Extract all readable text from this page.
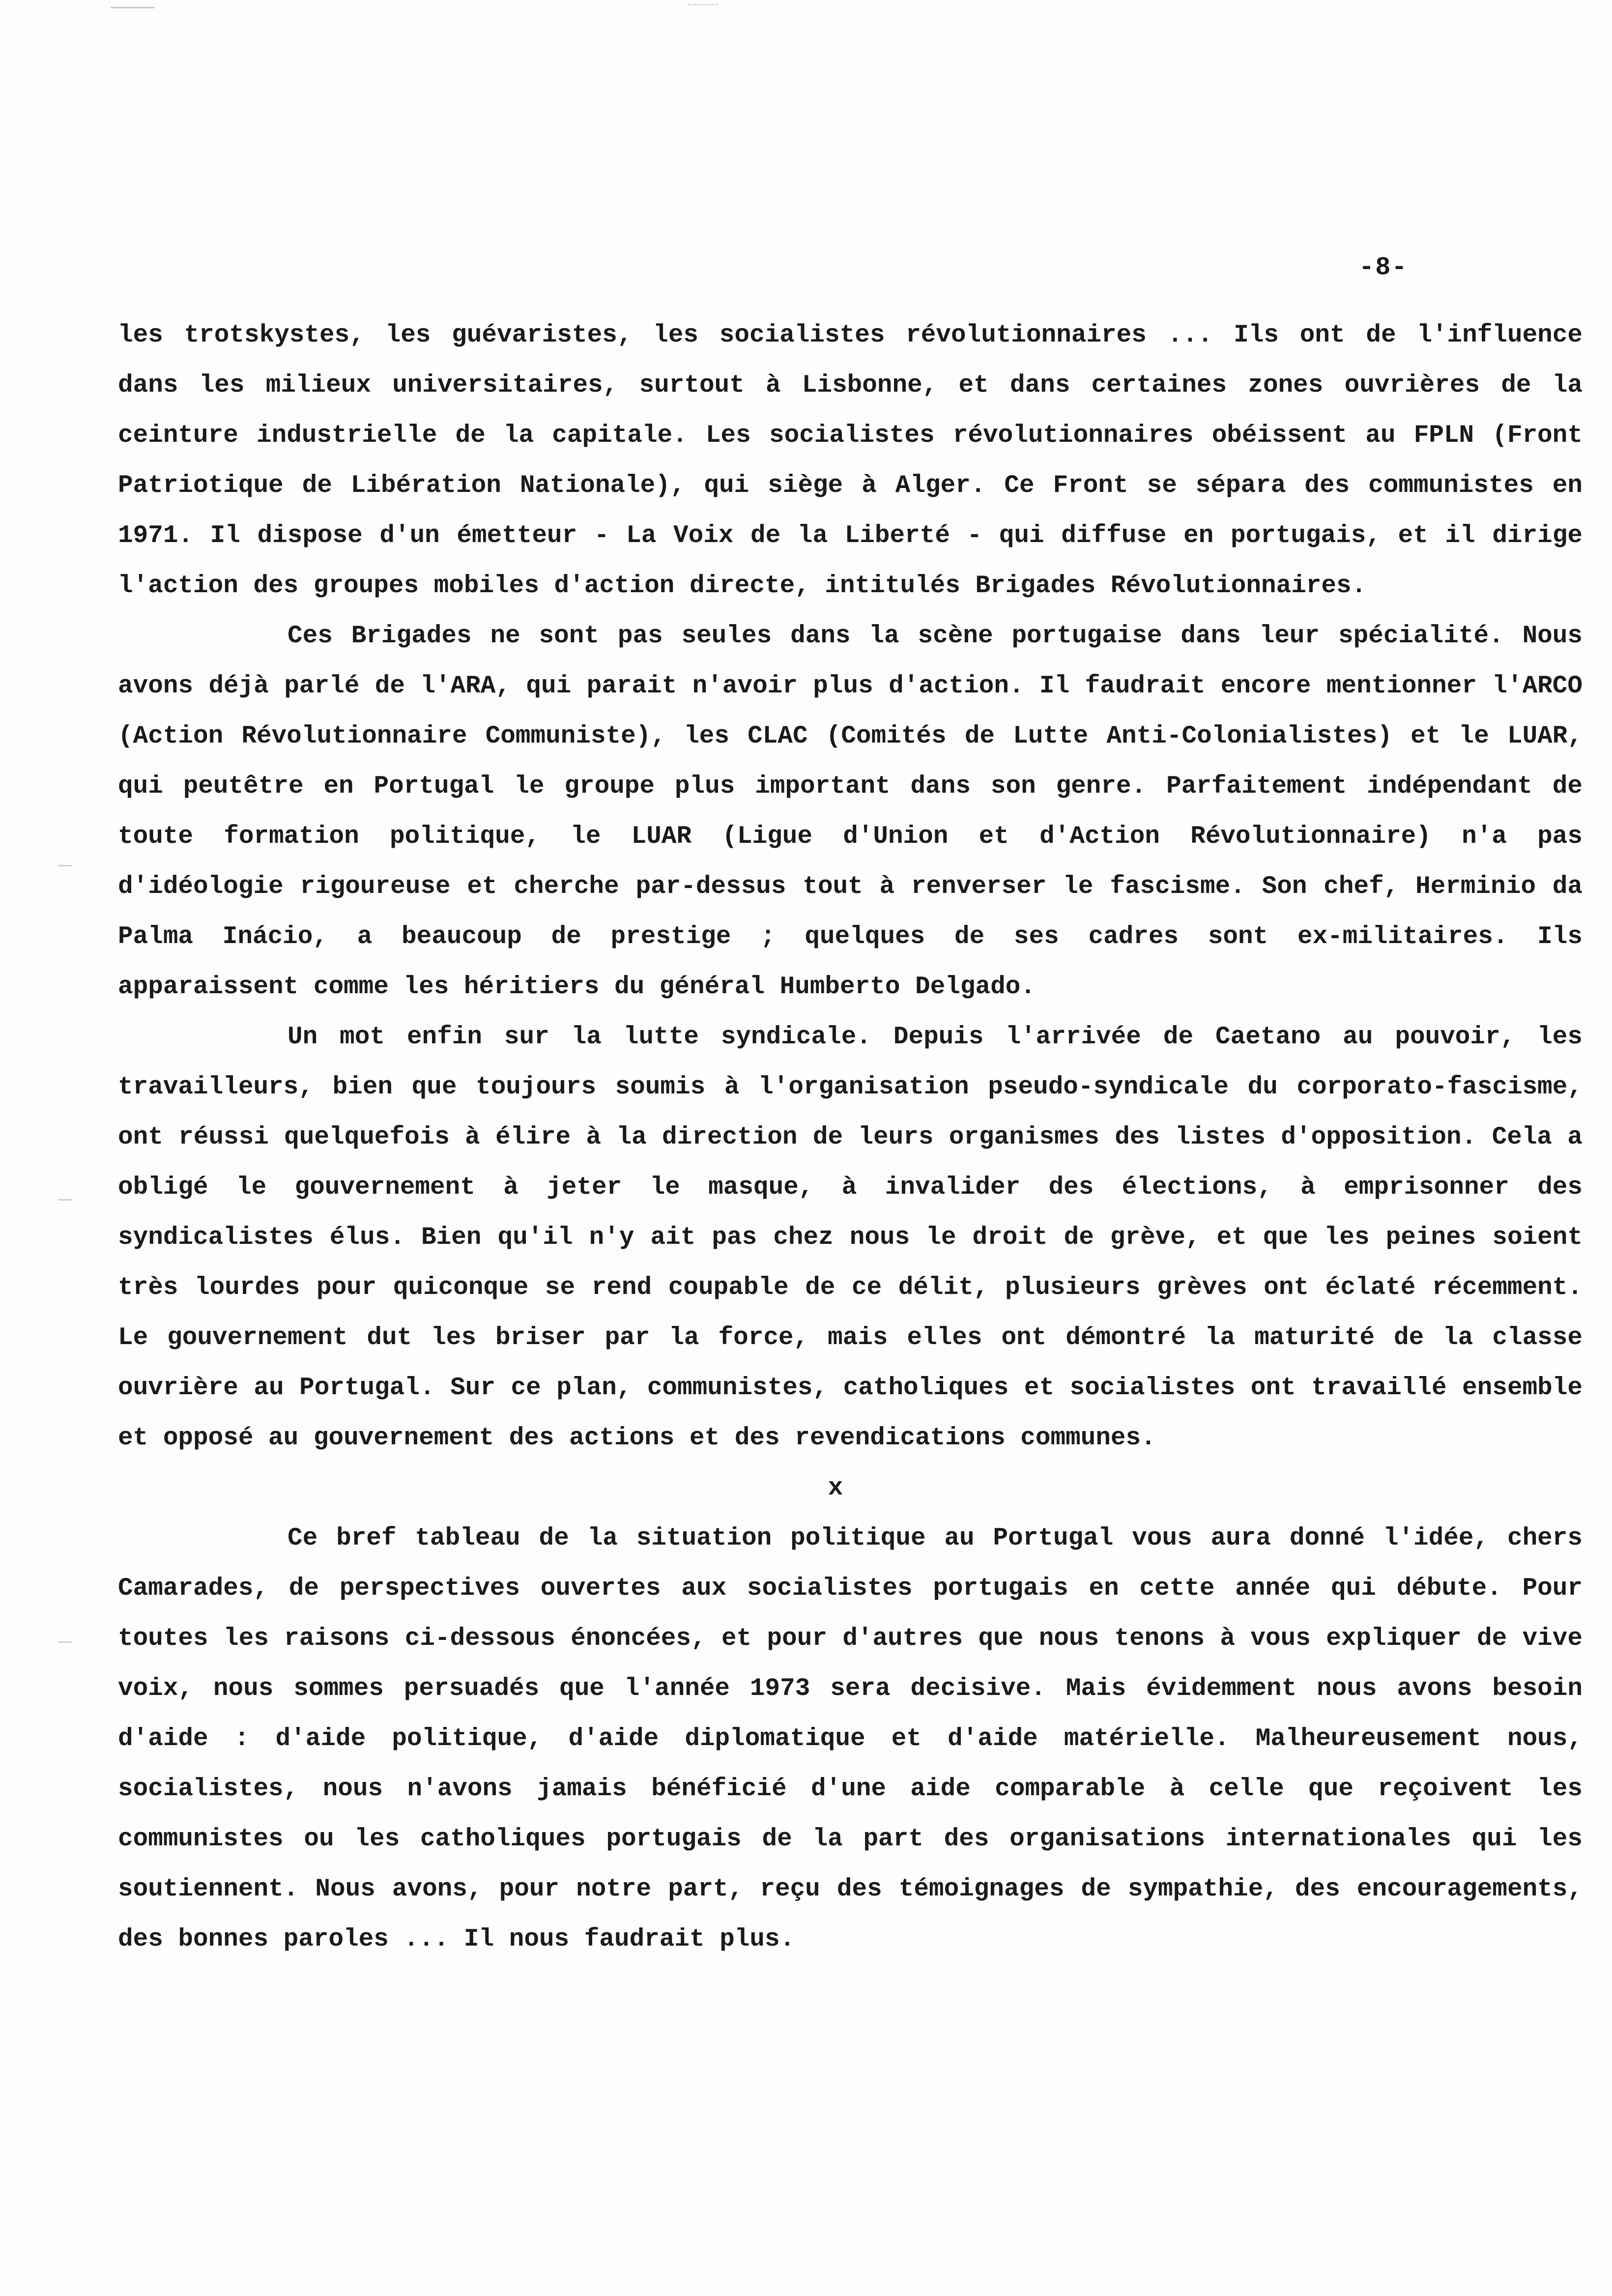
-8-

les trotskystes, les guévaristes, les socialistes révolutionnaires ... Ils ont de l'influence dans les milieux universitaires, surtout à Lisbonne, et dans certaines zones ouvrières de la ceinture industrielle de la capitale. Les socialistes révolutionnaires obéissent au FPLN (Front Patriotique de Libération Nationale), qui siège à Alger. Ce Front se sépara des communistes en 1971. Il dispose d'un émetteur - La Voix de la Liberté - qui diffuse en portugais, et il dirige l'action des groupes mobiles d'action directe, intitulés Brigades Révolutionnaires.

Ces Brigades ne sont pas seules dans la scène portugaise dans leur spécialité. Nous avons déjà parlé de l'ARA, qui parait n'avoir plus d'action. Il faudrait encore mentionner l'ARCO (Action Révolutionnaire Communiste), les CLAC (Comités de Lutte Anti-Colonialistes) et le LUAR, qui peutêtre en Portugal le groupe plus important dans son genre. Parfaitement indépendant de toute formation politique, le LUAR (Ligue d'Union et d'Action Révolutionnaire) n'a pas d'idéologie rigoureuse et cherche par-dessus tout à renverser le fascisme. Son chef, Herminio da Palma Inácio, a beaucoup de prestige ; quelques de ses cadres sont ex-militaires. Ils apparaissent comme les héritiers du général Humberto Delgado.

Un mot enfin sur la lutte syndicale. Depuis l'arrivée de Caetano au pouvoir, les travailleurs, bien que toujours soumis à l'organisation pseudo-syndicale du corporato-fascisme, ont réussi quelquefois à élire à la direction de leurs organismes des listes d'opposition. Cela a obligé le gouvernement à jeter le masque, à invalider des élections, à emprisonner des syndicalistes élus. Bien qu'il n'y ait pas chez nous le droit de grève, et que les peines soient très lourdes pour quiconque se rend coupable de ce délit, plusieurs grèves ont éclaté récemment. Le gouvernement dut les briser par la force, mais elles ont démontré la maturité de la classe ouvrière au Portugal. Sur ce plan, communistes, catholiques et socialistes ont travaillé ensemble et opposé au gouvernement des actions et des revendications communes.

x

Ce bref tableau de la situation politique au Portugal vous aura donné l'idée, chers Camarades, de perspectives ouvertes aux socialistes portugais en cette année qui débute. Pour toutes les raisons ci-dessous énoncées, et pour d'autres que nous tenons à vous expliquer de vive voix, nous sommes persuadés que l'année 1973 sera decisive. Mais évidemment nous avons besoin d'aide : d'aide politique, d'aide diplomatique et d'aide matérielle. Malheureusement nous, socialistes, nous n'avons jamais bénéficié d'une aide comparable à celle que reçoivent les communistes ou les catholiques portugais de la part des organisations internationales qui les soutiennent. Nous avons, pour notre part, reçu des témoignages de sympathie, des encouragements, des bonnes paroles ... Il nous faudrait plus.
